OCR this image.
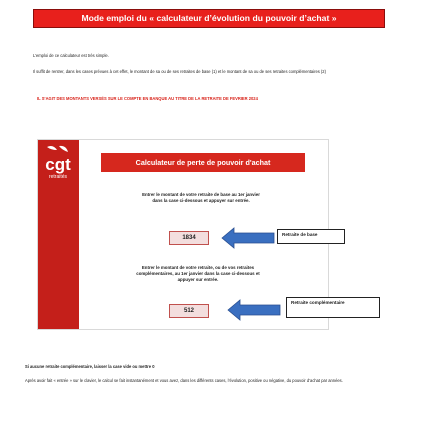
Mode emploi du « calculateur d’évolution du pouvoir d’achat »
L’emploi de ce calculateur est très simple.
Il suffit de rentrer, dans les cases prévues à cet effet, le montant de sa ou de ses retraites de base (1) et le montant de sa ou de ses retraites complémentaires (2)
IL S’AGIT DES MONTANTS VERSÉS SUR LE COMPTE EN BANQUE AU TITRE DE LA RETRAITE DE FEVRIER 2024
cgt
retraités
Calculateur de perte de pouvoir d'achat
Entrer le montant de votre retraite de base au 1er janvier dans la case ci-dessous et appuyer sur entrée.
1834
Entrer le montant de votre retraite, ou de vos retraites complémentaires, au 1er janvier dans la case ci-dessous et appuyer sur entrée.
512
Retraite de base
Retraite complémentaire
Si aucune retraite complémentaire, laisser la case vide ou mettre 0
Après avoir fait « entrée » sur le clavier, le calcul se fait instantanément et vous avez, dans les différents cases, l’évolution, positive ou négative, du pouvoir d’achat par années.
